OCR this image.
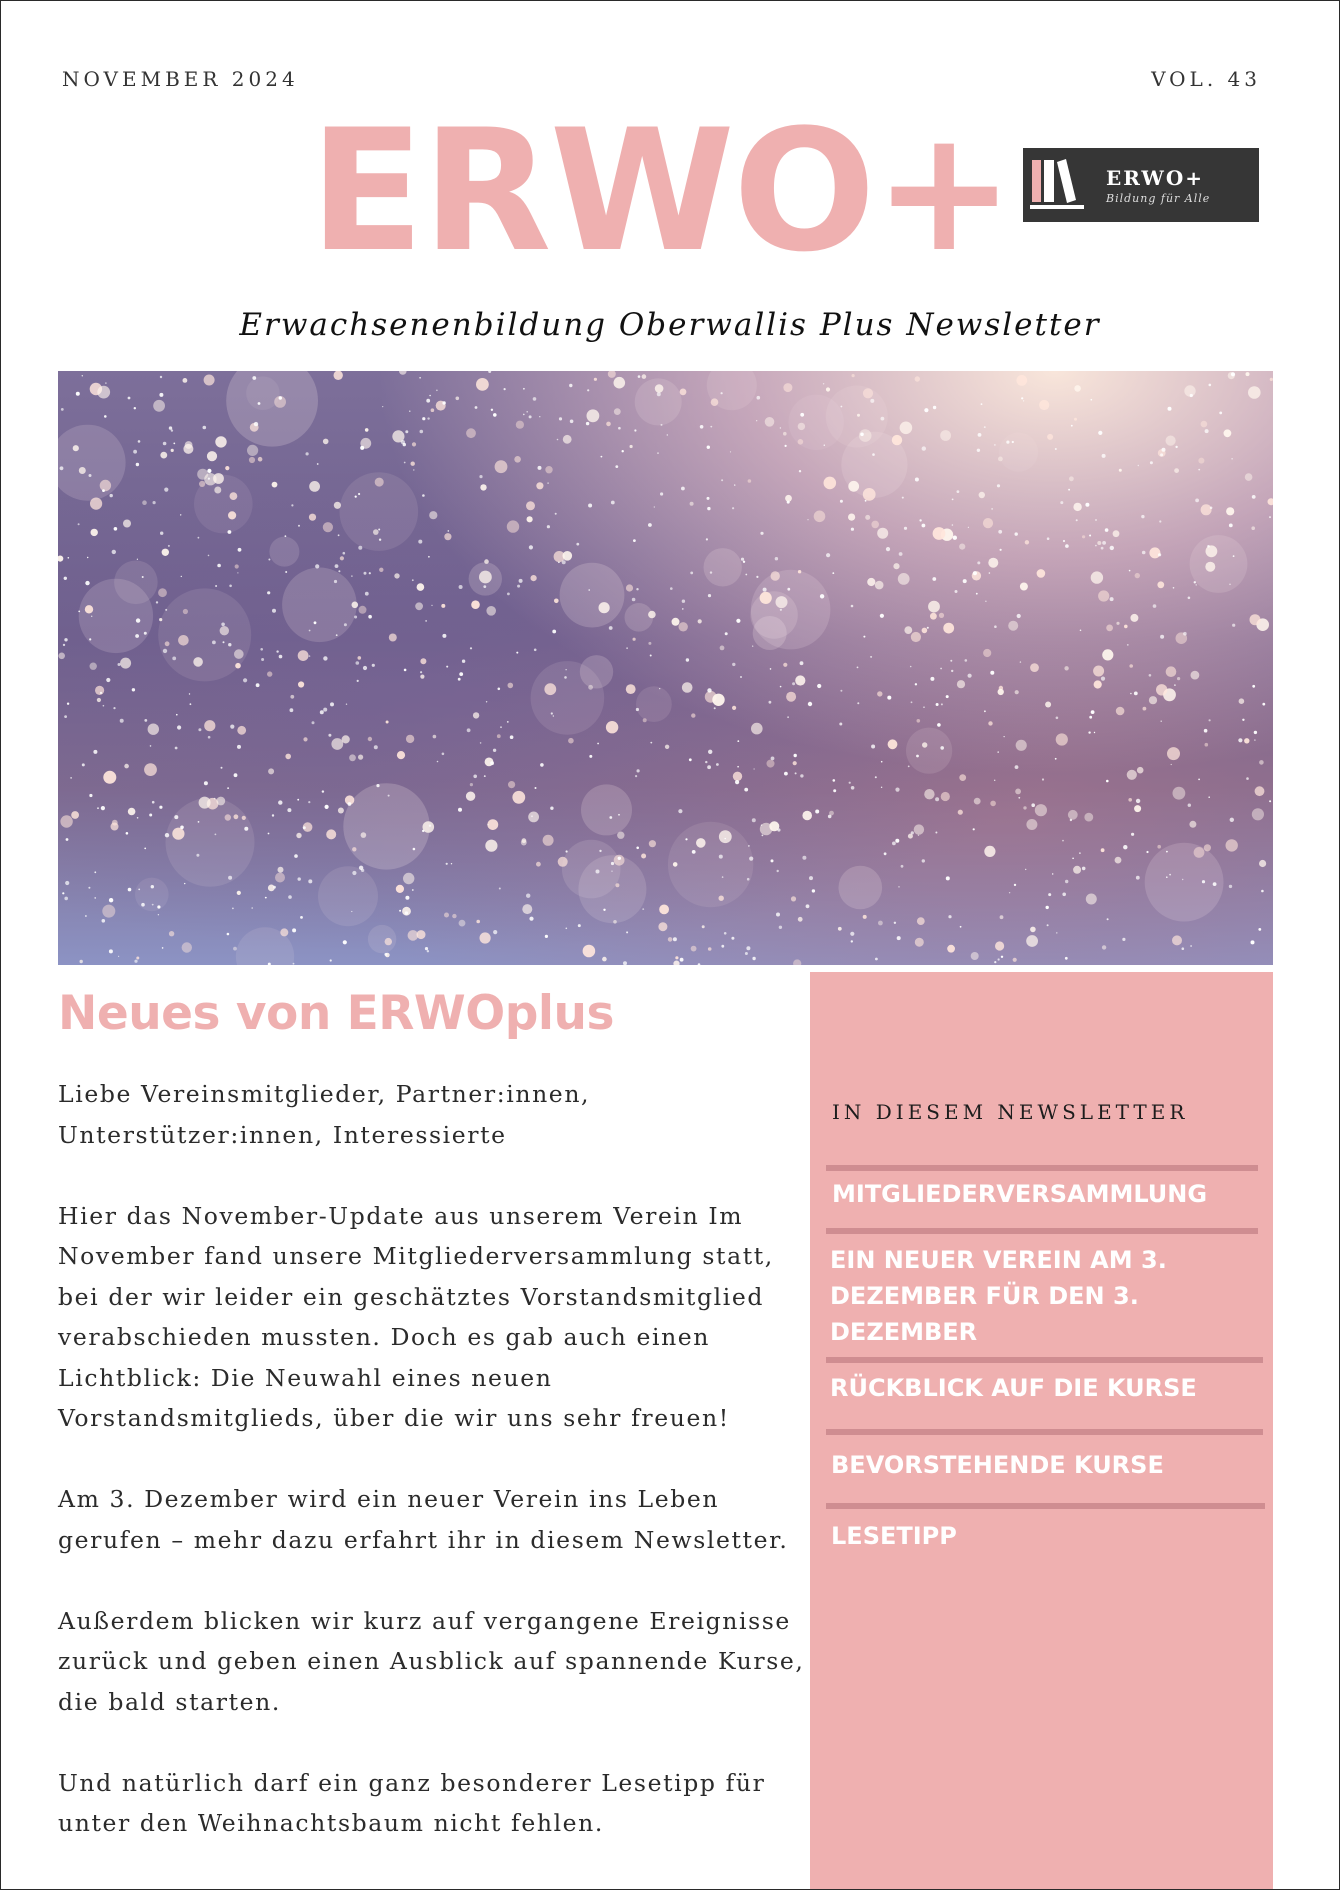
NOVEMBER 2024	VOL. 43
ERWO+	ERWO+
Bildung für Alle
Erwachsenenbildung Oberwallis Plus Newsletter
Neues von ERWOplus

Liebe Vereinsmitglieder, Partner:innen, Unterstützer:innen, Interessierte

Hier das November-Update aus unserem Verein Im November fand unsere Mitgliederversammlung statt, bei der wir leider ein geschätztes Vorstandsmitglied verabschieden mussten. Doch es gab auch einen Lichtblick: Die Neuwahl eines neuen Vorstandsmitglieds, über die wir uns sehr freuen!

Am 3. Dezember wird ein neuer Verein ins Leben gerufen – mehr dazu erfahrt ihr in diesem Newsletter.

Außerdem blicken wir kurz auf vergangene Ereignisse zurück und geben einen Ausblick auf spannende Kurse, die bald starten.

Und natürlich darf ein ganz besonderer Lesetipp für unter den Weihnachtsbaum nicht fehlen.

IN DIESEM NEWSLETTER
MITGLIEDERVERSAMMLUNG
EIN NEUER VEREIN AM 3. DEZEMBER FÜR DEN 3. DEZEMBER
RÜCKBLICK AUF DIE KURSE
BEVORSTEHENDE KURSE
LESETIPP
